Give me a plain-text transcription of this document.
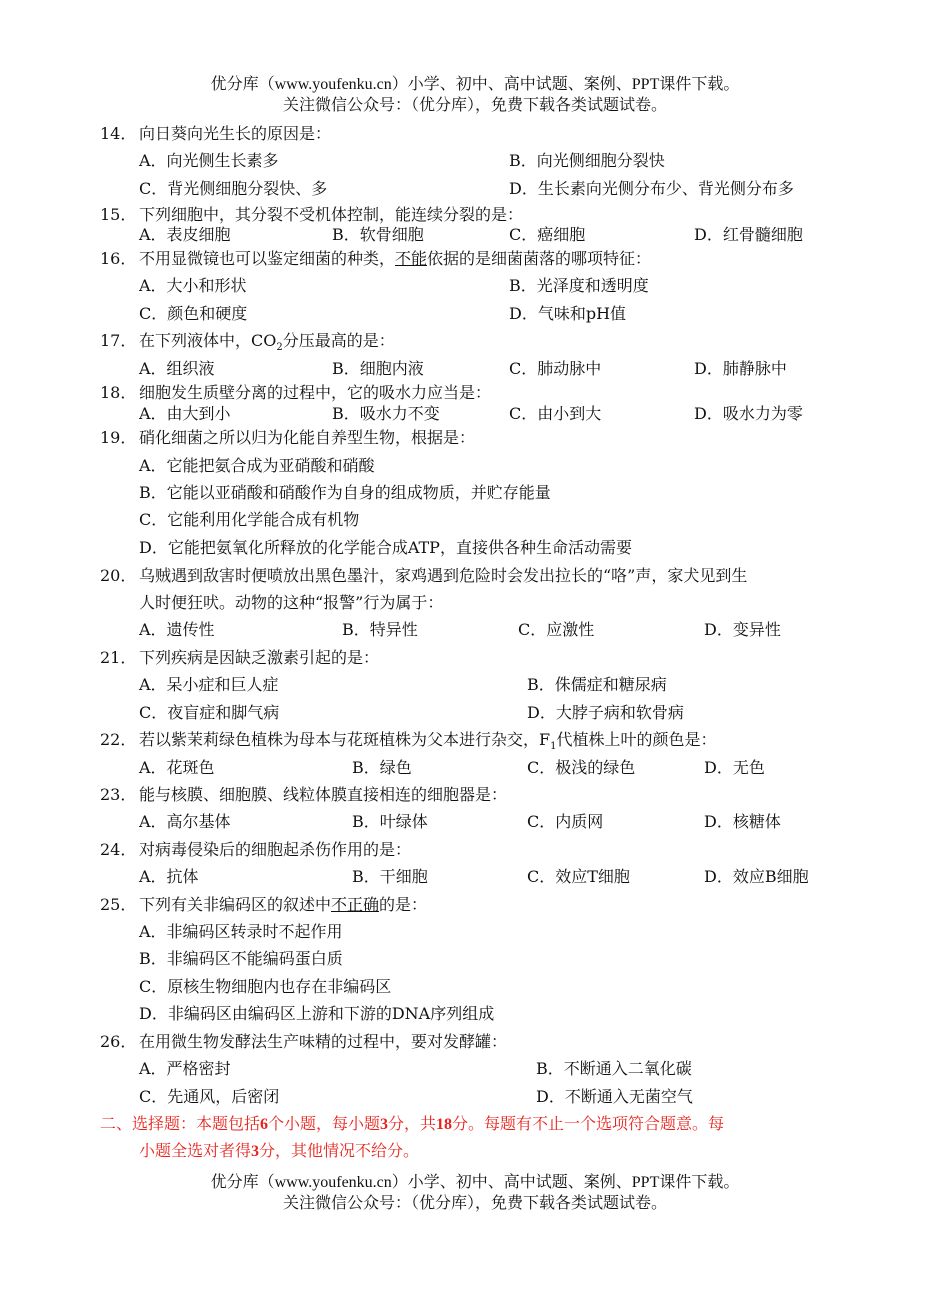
优分库（www.youfenku.cn）小学、初中、高中试题、案例、PPT课件下载。
关注微信公众号：（优分库），免费下载各类试题试卷。
14． 向日葵向光生长的原因是：
A．向光侧生长素多	B．向光侧细胞分裂快
C．背光侧细胞分裂快、多	D．生长素向光侧分布少、背光侧分布多
15． 下列细胞中，其分裂不受机体控制，能连续分裂的是：
A．表皮细胞	B．软骨细胞	C．癌细胞	D．红骨髓细胞
16． 不用显微镜也可以鉴定细菌的种类，不能依据的是细菌菌落的哪项特征：
A．大小和形状	B．光泽度和透明度
C．颜色和硬度	D．气味和pH值
17． 在下列液体中，$CO_2$分压最高的是：
A．组织液	B．细胞内液	C．肺动脉中	D．肺静脉中
18． 细胞发生质壁分离的过程中，它的吸水力应当是：
A．由大到小	B．吸水力不变	C．由小到大	D．吸水力为零
19． 硝化细菌之所以归为化能自养型生物，根据是：
A．它能把氨合成为亚硝酸和硝酸
B．它能以亚硝酸和硝酸作为自身的组成物质，并贮存能量
C．它能利用化学能合成有机物
D．它能把氨氧化所释放的化学能合成ATP，直接供各种生命活动需要
20． 乌贼遇到敌害时便喷放出黑色墨汁，家鸡遇到危险时会发出拉长的“咯”声，家犬见到生
人时便狂吠。动物的这种“报警”行为属于：
A．遗传性	B．特异性	C．应激性	D．变异性
21． 下列疾病是因缺乏激素引起的是：
A．呆小症和巨人症	B．侏儒症和糖尿病
C．夜盲症和脚气病	D．大脖子病和软骨病
22． 若以紫茉莉绿色植株为母本与花斑植株为父本进行杂交，$F_1$代植株上叶的颜色是：
A．花斑色	B．绿色	C．极浅的绿色	D．无色
23． 能与核膜、细胞膜、线粒体膜直接相连的细胞器是：
A．高尔基体	B．叶绿体	C．内质网	D．核糖体
24． 对病毒侵染后的细胞起杀伤作用的是：
A．抗体	B．干细胞	C．效应T细胞	D．效应B细胞
25． 下列有关非编码区的叙述中不正确的是：
A．非编码区转录时不起作用
B．非编码区不能编码蛋白质
C．原核生物细胞内也存在非编码区
D．非编码区由编码区上游和下游的DNA序列组成
26． 在用微生物发酵法生产味精的过程中，要对发酵罐：
A．严格密封	B．不断通入二氧化碳
C．先通风，后密闭	D．不断通入无菌空气
二、选择题：本题包括6个小题，每小题3分，共18分。每题有不止一个选项符合题意。每
小题全选对者得3分，其他情况不给分。
优分库（www.youfenku.cn）小学、初中、高中试题、案例、PPT课件下载。
关注微信公众号：（优分库），免费下载各类试题试卷。
